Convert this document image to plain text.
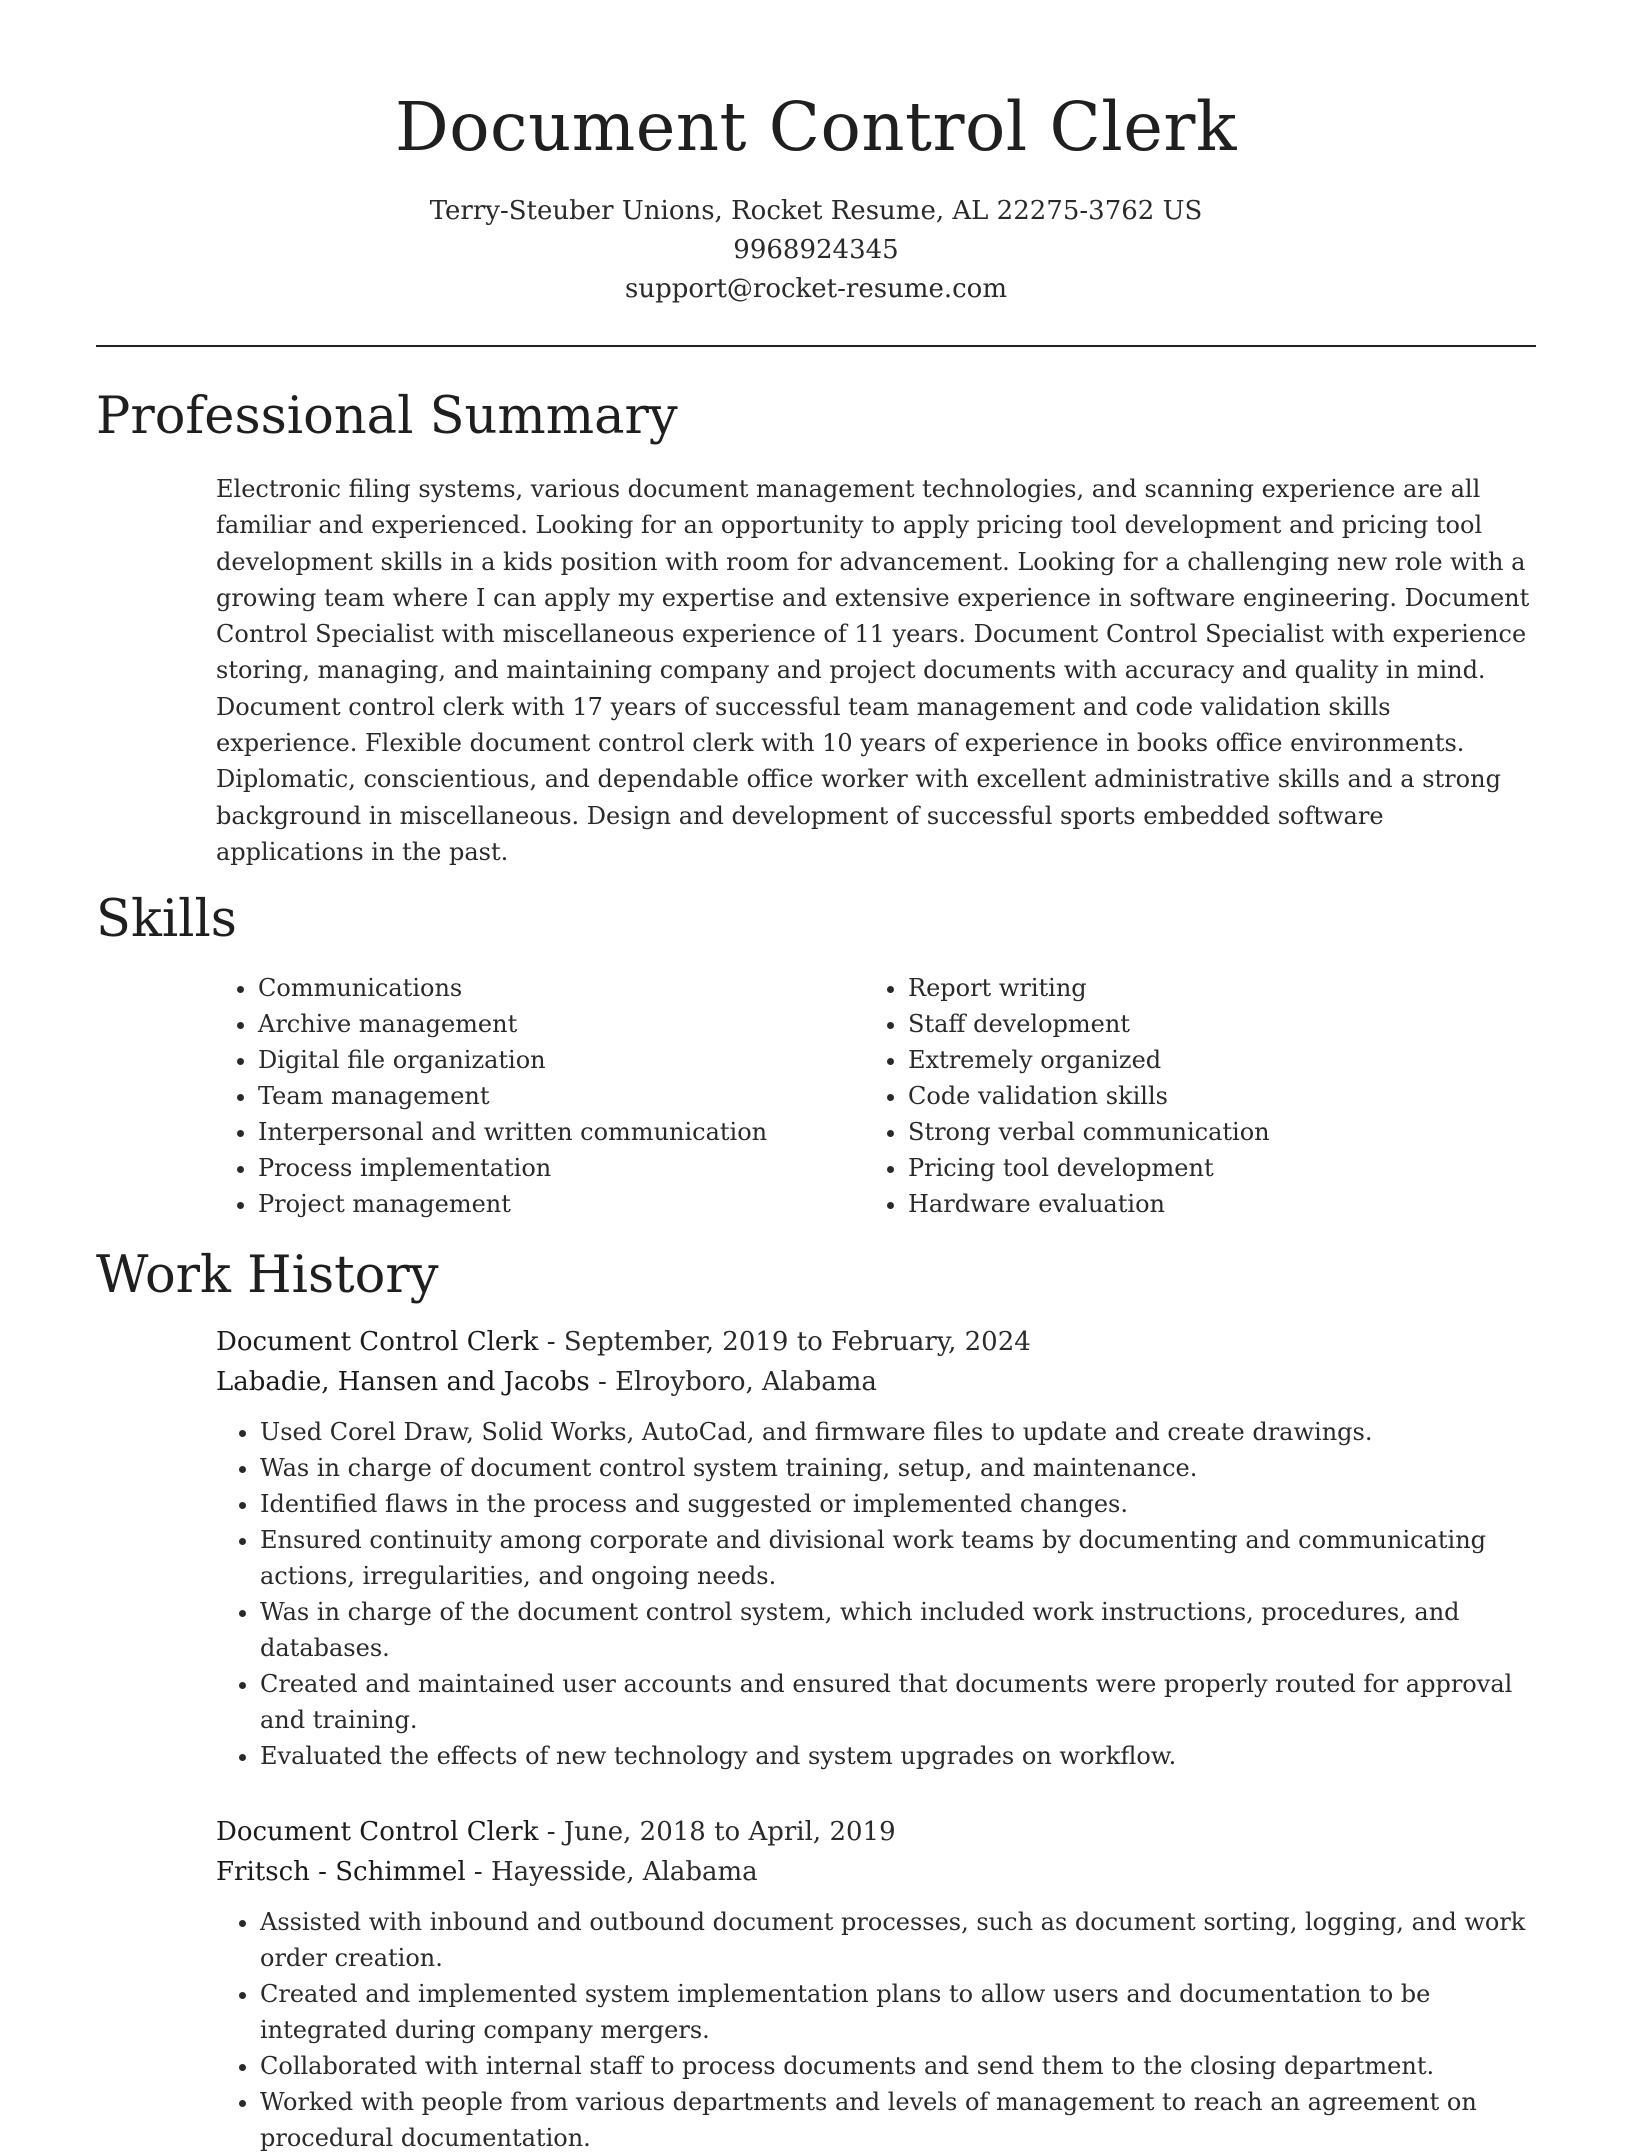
Document Control Clerk
Terry-Steuber Unions, Rocket Resume, AL 22275-3762 US
9968924345
support@rocket-resume.com
Professional Summary

Electronic filing systems, various document management technologies, and scanning experience are all familiar and experienced. Looking for an opportunity to apply pricing tool development and pricing tool development skills in a kids position with room for advancement. Looking for a challenging new role with a growing team where I can apply my expertise and extensive experience in software engineering. Document Control Specialist with miscellaneous experience of 11 years. Document Control Specialist with experience storing, managing, and maintaining company and project documents with accuracy and quality in mind. Document control clerk with 17 years of successful team management and code validation skills experience. Flexible document control clerk with 10 years of experience in books office environments. Diplomatic, conscientious, and dependable office worker with excellent administrative skills and a strong background in miscellaneous. Design and development of successful sports embedded software applications in the past.

Skills
• Communications
• Archive management
• Digital file organization
• Team management
• Interpersonal and written communication
• Process implementation
• Project management
• Report writing
• Staff development
• Extremely organized
• Code validation skills
• Strong verbal communication
• Pricing tool development
• Hardware evaluation
Work History
Document Control Clerk - September, 2019 to February, 2024
Labadie, Hansen and Jacobs - Elroyboro, Alabama
• Used Corel Draw, Solid Works, AutoCad, and firmware files to update and create drawings.
• Was in charge of document control system training, setup, and maintenance.
• Identified flaws in the process and suggested or implemented changes.
• Ensured continuity among corporate and divisional work teams by documenting and communicating actions, irregularities, and ongoing needs.
• Was in charge of the document control system, which included work instructions, procedures, and databases.
• Created and maintained user accounts and ensured that documents were properly routed for approval and training.
• Evaluated the effects of new technology and system upgrades on workflow.
Document Control Clerk - June, 2018 to April, 2019
Fritsch - Schimmel - Hayesside, Alabama
• Assisted with inbound and outbound document processes, such as document sorting, logging, and work order creation.
• Created and implemented system implementation plans to allow users and documentation to be integrated during company mergers.
• Collaborated with internal staff to process documents and send them to the closing department.
• Worked with people from various departments and levels of management to reach an agreement on procedural documentation.
